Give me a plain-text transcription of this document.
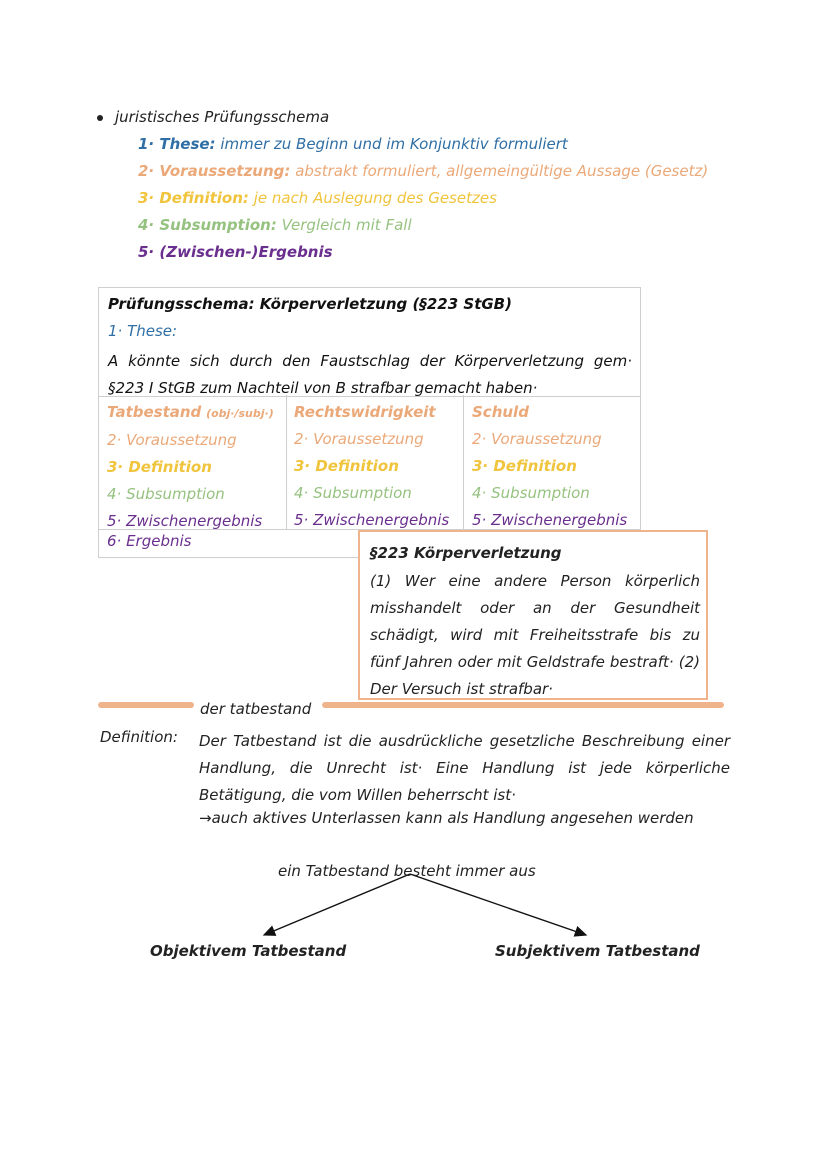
juristisches Prüfungsschema
1· These: immer zu Beginn und im Konjunktiv formuliert
2· Voraussetzung: abstrakt formuliert, allgemeingültige Aussage (Gesetz)
3· Definition: je nach Auslegung des Gesetzes
4· Subsumption: Vergleich mit Fall
5· (Zwischen-)Ergebnis
Prüfungsschema: Körperverletzung (§223 StGB)
1· These:
A könnte sich durch den Faustschlag der Körperverletzung gem· §223 I StGB zum Nachteil von B strafbar gemacht haben·
Tatbestand (obj·/subj·)
2· Voraussetzung
3· Definition
4· Subsumption
5· Zwischenergebnis
Rechtswidrigkeit
2· Voraussetzung
3· Definition
4· Subsumption
5· Zwischenergebnis
Schuld
2· Voraussetzung
3· Definition
4· Subsumption
5· Zwischenergebnis
6· Ergebnis
§223 Körperverletzung
(1) Wer eine andere Person körperlich misshandelt oder an der Gesundheit schädigt, wird mit Freiheitsstrafe bis zu fünf Jahren oder mit Geldstrafe bestraft· (2) Der Versuch ist strafbar·
der tatbestand
Definition: Der Tatbestand ist die ausdrückliche gesetzliche Beschreibung einer Handlung, die Unrecht ist· Eine Handlung ist jede körperliche Betätigung, die vom Willen beherrscht ist·
→auch aktives Unterlassen kann als Handlung angesehen werden
ein Tatbestand besteht immer aus
Objektivem Tatbestand	Subjektivem Tatbestand
